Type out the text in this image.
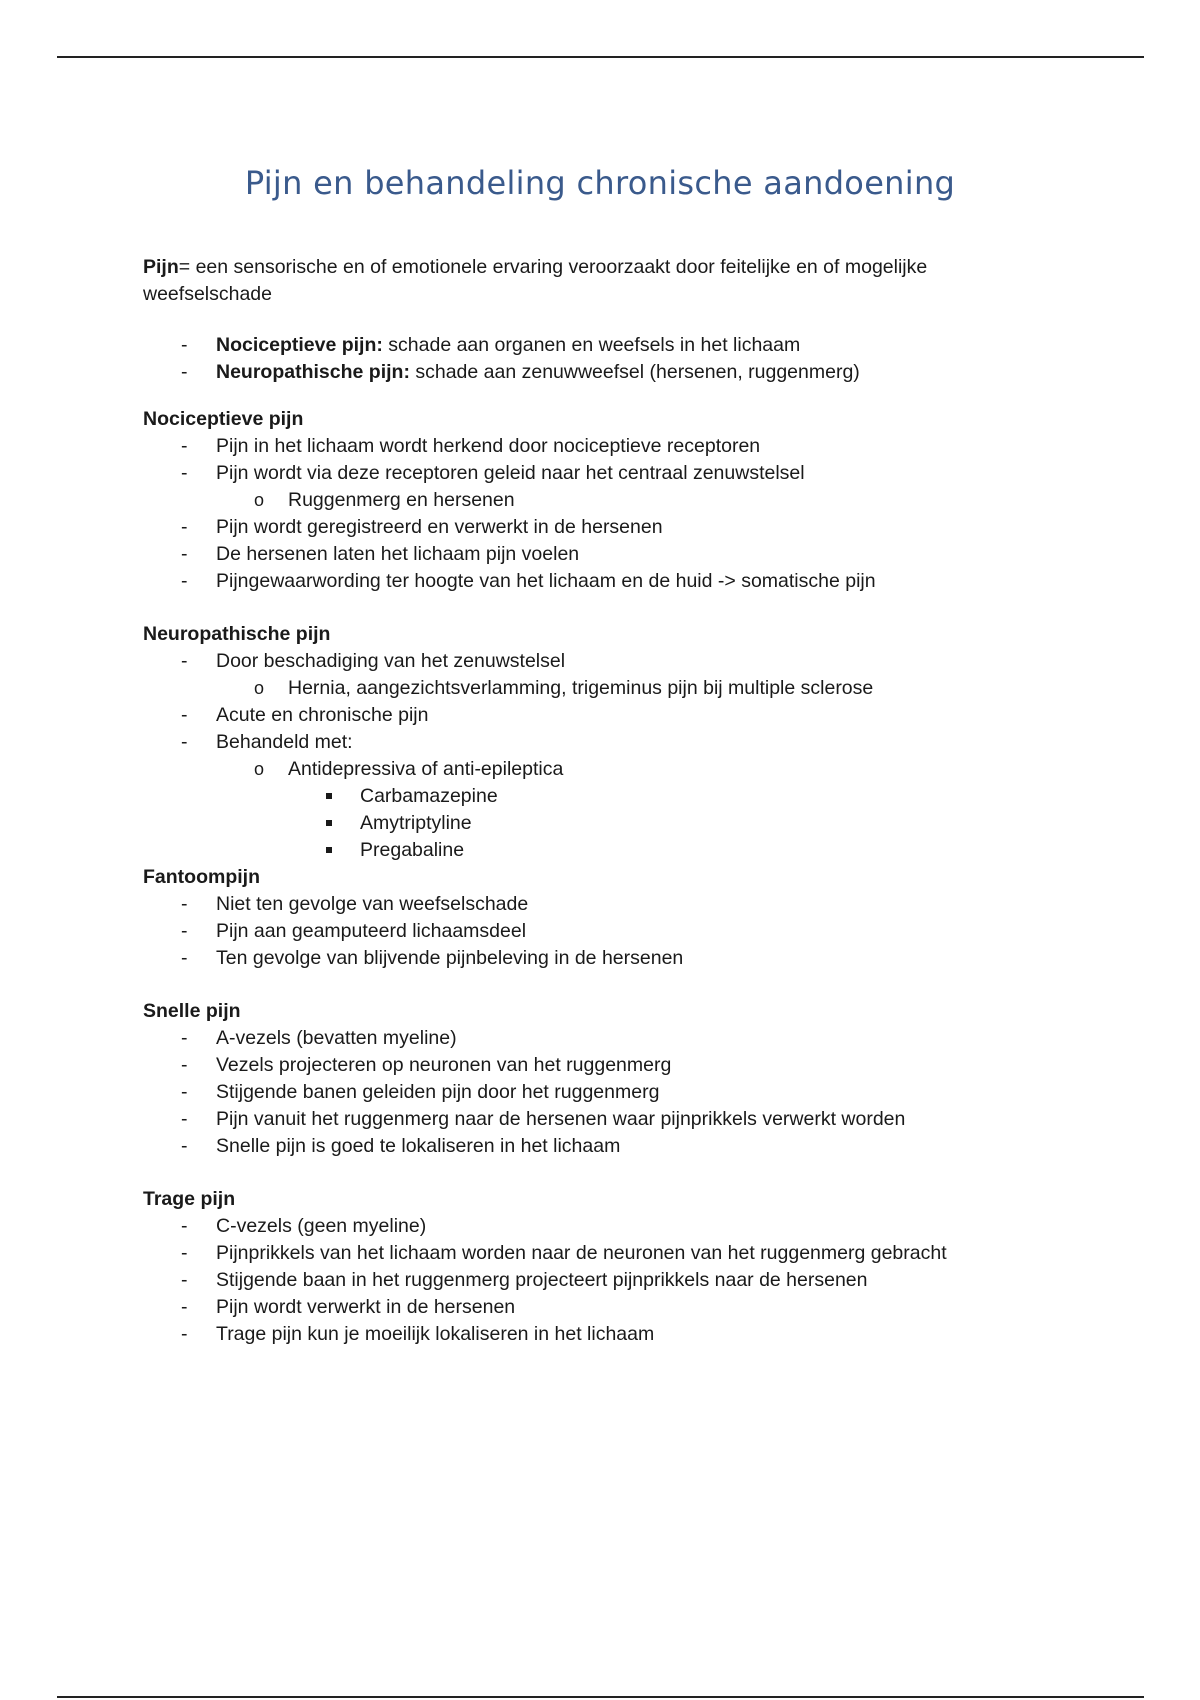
Pijn en behandeling chronische aandoening

Pijn= een sensorische en of emotionele ervaring veroorzaakt door feitelijke en of mogelijke weefselschade

- Nociceptieve pijn: schade aan organen en weefsels in het lichaam
- Neuropathische pijn: schade aan zenuwweefsel (hersenen, ruggenmerg)

Nociceptieve pijn

- Pijn in het lichaam wordt herkend door nociceptieve receptoren
- Pijn wordt via deze receptoren geleid naar het centraal zenuwstelsel
o Ruggenmerg en hersenen
- Pijn wordt geregistreerd en verwerkt in de hersenen
- De hersenen laten het lichaam pijn voelen
- Pijngewaarwording ter hoogte van het lichaam en de huid -> somatische pijn

Neuropathische pijn

- Door beschadiging van het zenuwstelsel
o Hernia, aangezichtsverlamming, trigeminus pijn bij multiple sclerose
- Acute en chronische pijn
- Behandeld met:
o Antidepressiva of anti-epileptica
Carbamazepine
Amytriptyline
Pregabaline

Fantoompijn

- Niet ten gevolge van weefselschade
- Pijn aan geamputeerd lichaamsdeel
- Ten gevolge van blijvende pijnbeleving in de hersenen

Snelle pijn

- A-vezels (bevatten myeline)
- Vezels projecteren op neuronen van het ruggenmerg
- Stijgende banen geleiden pijn door het ruggenmerg
- Pijn vanuit het ruggenmerg naar de hersenen waar pijnprikkels verwerkt worden
- Snelle pijn is goed te lokaliseren in het lichaam

Trage pijn

- C-vezels (geen myeline)
- Pijnprikkels van het lichaam worden naar de neuronen van het ruggenmerg gebracht
- Stijgende baan in het ruggenmerg projecteert pijnprikkels naar de hersenen
- Pijn wordt verwerkt in de hersenen
- Trage pijn kun je moeilijk lokaliseren in het lichaam
